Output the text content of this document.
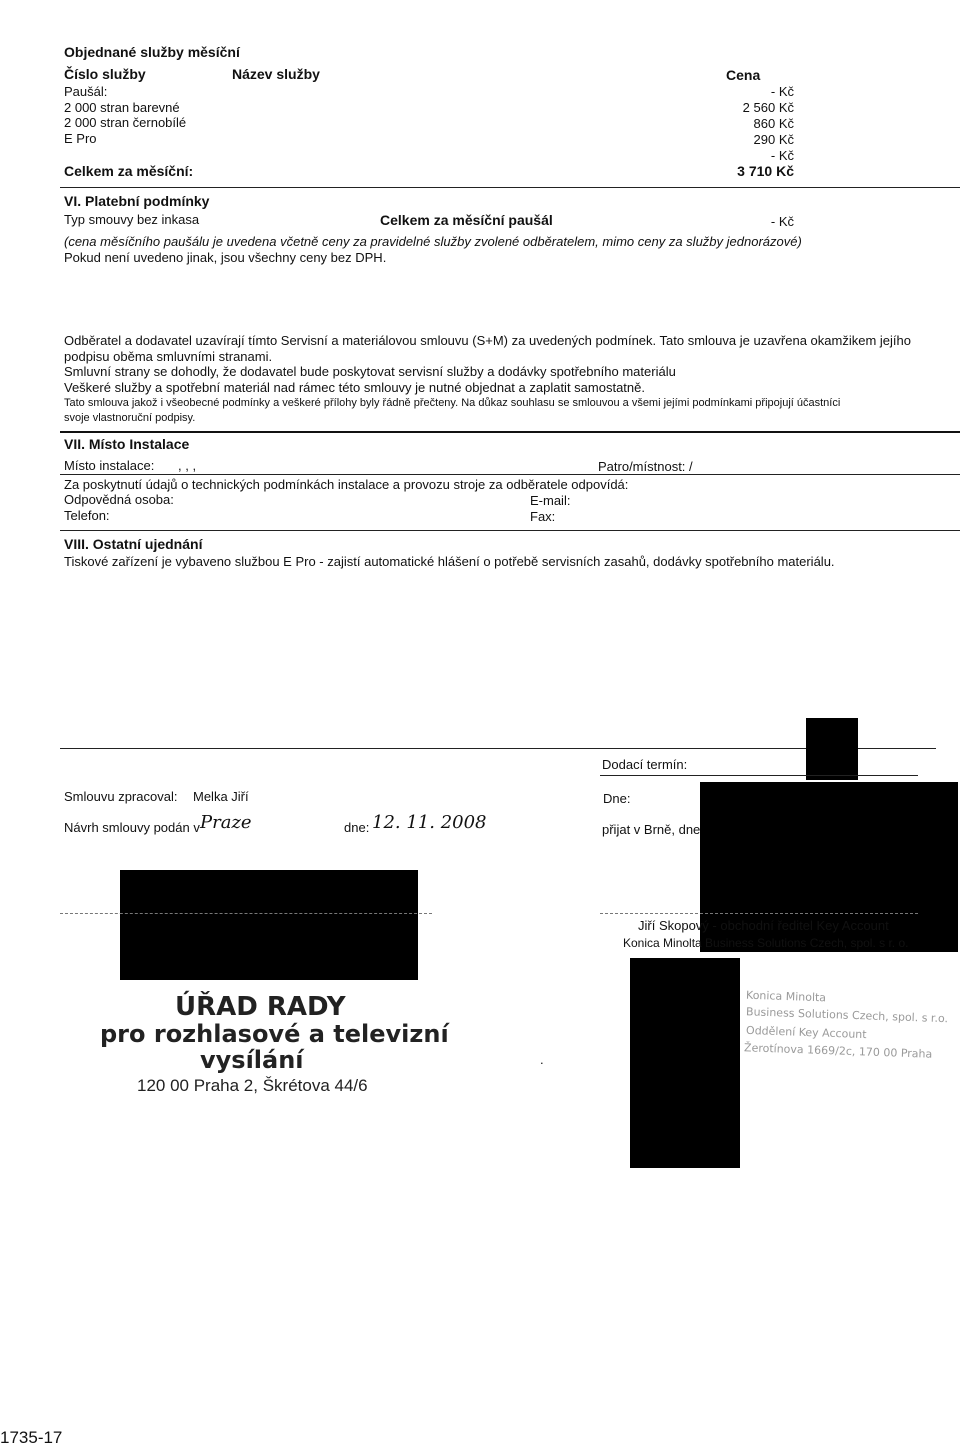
Objednané služby měsíční
Číslo služby	Název služby	Cena
Paušál:	- Kč
2 000 stran barevné	2 560 Kč
2 000 stran černobílé	860 Kč
E Pro	290 Kč
- Kč
Celkem za měsíční:	3 710 Kč
VI. Platební podmínky
Typ smouvy bez inkasa	Celkem za měsíční paušál	- Kč
(cena měsíčního paušálu je uvedena včetně ceny za pravidelné služby zvolené odběratelem, mimo ceny za služby jednorázové)
Pokud není uvedeno jinak, jsou všechny ceny bez DPH.
Odběratel a dodavatel uzavírají tímto Servisní a materiálovou smlouvu (S+M) za uvedených podmínek. Tato smlouva je uzavřena okamžikem jejího
podpisu oběma smluvními stranami.
Smluvní strany se dohodly, že dodavatel bude poskytovat servisní služby a dodávky spotřebního materiálu
Veškeré služby a spotřební materiál nad rámec této smlouvy je nutné objednat a zaplatit samostatně.
Tato smlouva jakož i všeobecné podmínky a veškeré přílohy byly řádně přečteny. Na důkaz souhlasu se smlouvou a všemi jejími podmínkami připojují účastníci
svoje vlastnoruční podpisy.
VII. Místo Instalace
Místo instalace: , , ,	Patro/místnost: /
Za poskytnutí údajů o technických podmínkách instalace a provozu stroje za odběratele odpovídá:
Odpovědná osoba:	E-mail:
Telefon:	Fax:
VIII. Ostatní ujednání
Tiskové zařízení je vybaveno službou E Pro - zajistí automatické hlášení o potřebě servisních zasahů, dodávky spotřebního materiálu.
Dodací termín:
Smlouvu zpracoval: Melka Jiří	Dne:
Návrh smlouvy podán v Praze	dne: 12. 11. 2008	přijat v Brně, dne
Jiří Skopový - obchodní ředitel Key Account
Konica Minolta Business Solutions Czech, spol. s r. o.
ÚŘAD RADY
pro rozhlasové a televizní
vysílání
120 00 Praha 2, Škrétova 44/6
.
Konica Minolta
Business Solutions Czech, spol. s r.o.
Oddělení Key Account
Žerotínova 1669/2c, 170 00 Praha
1735-17
